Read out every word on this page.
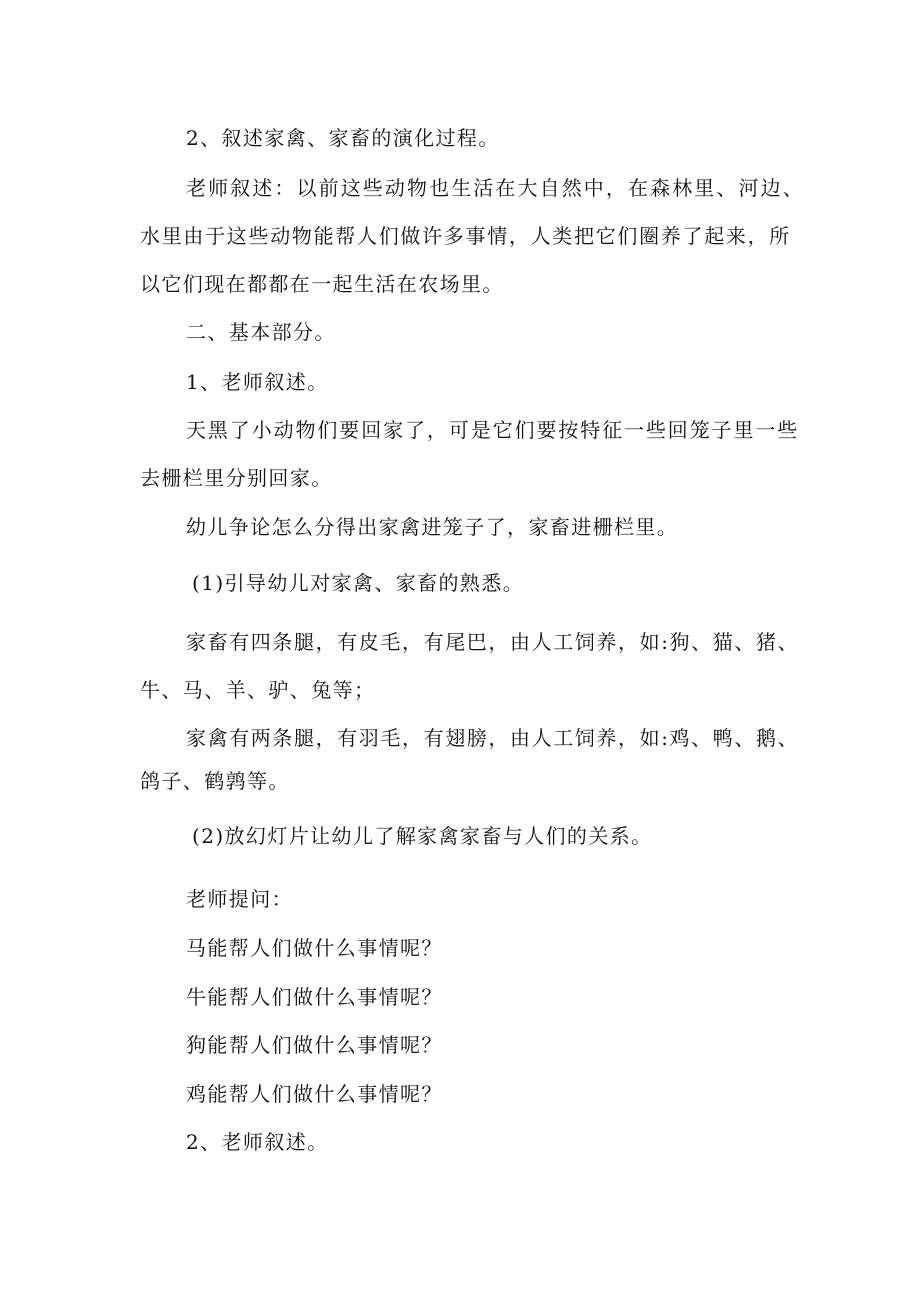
2、叙述家禽、家畜的演化过程。

老师叙述：以前这些动物也生活在大自然中，在森林里、河边、

水里由于这些动物能帮人们做许多事情，人类把它们圈养了起来，所

以它们现在都都在一起生活在农场里。

二、基本部分。

1、老师叙述。

天黑了小动物们要回家了，可是它们要按特征一些回笼子里一些

去栅栏里分别回家。

幼儿争论怎么分得出家禽进笼子了，家畜进栅栏里。

(1)引导幼儿对家禽、家畜的熟悉。

家畜有四条腿，有皮毛，有尾巴，由人工饲养，如:狗、猫、猪、

牛、马、羊、驴、兔等；

家禽有两条腿，有羽毛，有翅膀，由人工饲养，如:鸡、鸭、鹅、

鸽子、鹤鹑等。

(2)放幻灯片让幼儿了解家禽家畜与人们的关系。

老师提问：

马能帮人们做什么事情呢？

牛能帮人们做什么事情呢？

狗能帮人们做什么事情呢？

鸡能帮人们做什么事情呢？

2、老师叙述。
